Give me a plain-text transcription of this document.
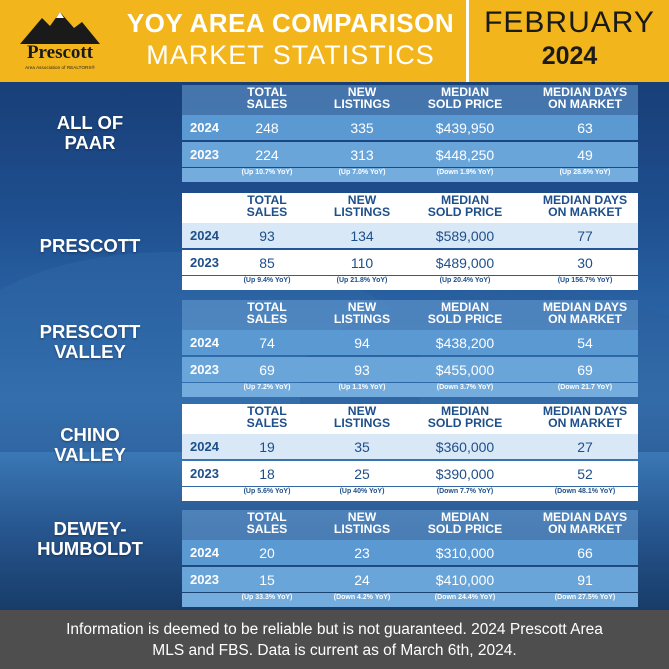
Prescott
Area Association of REALTORS®
YOY AREA COMPARISON
MARKET STATISTICS
FEBRUARY
2024
ALL OF
PAAR
TOTAL
SALES
NEW
LISTINGS
MEDIAN
SOLD PRICE
MEDIAN DAYS
ON MARKET
2024	248	335	$439,950	63
2023	224	313	$448,250	49
(Up 10.7% YoY)	(Up 7.0% YoY)	(Down 1.9% YoY)	(Up 28.6% YoY)
PRESCOTT
TOTAL
SALES
NEW
LISTINGS
MEDIAN
SOLD PRICE
MEDIAN DAYS
ON MARKET
2024	93	134	$589,000	77
2023	85	110	$489,000	30
(Up 9.4% YoY)	(Up 21.8% YoY)	(Up 20.4% YoY)	(Up 156.7% YoY)
PRESCOTT
VALLEY
TOTAL
SALES
NEW
LISTINGS
MEDIAN
SOLD PRICE
MEDIAN DAYS
ON MARKET
2024	74	94	$438,200	54
2023	69	93	$455,000	69
(Up 7.2% YoY)	(Up 1.1% YoY)	(Down 3.7% YoY)	(Down 21.7 YoY)
CHINO
VALLEY
TOTAL
SALES
NEW
LISTINGS
MEDIAN
SOLD PRICE
MEDIAN DAYS
ON MARKET
2024	19	35	$360,000	27
2023	18	25	$390,000	52
(Up 5.6% YoY)	(Up 40% YoY)	(Down 7.7% YoY)	(Down 48.1% YoY)
DEWEY-
HUMBOLDT
TOTAL
SALES
NEW
LISTINGS
MEDIAN
SOLD PRICE
MEDIAN DAYS
ON MARKET
2024	20	23	$310,000	66
2023	15	24	$410,000	91
(Up 33.3% YoY)	(Down 4.2% YoY)	(Down 24.4% YoY)	(Down 27.5% YoY)
Information is deemed to be reliable but is not guaranteed. 2024 Prescott Area
MLS and FBS. Data is current as of March 6th, 2024.
